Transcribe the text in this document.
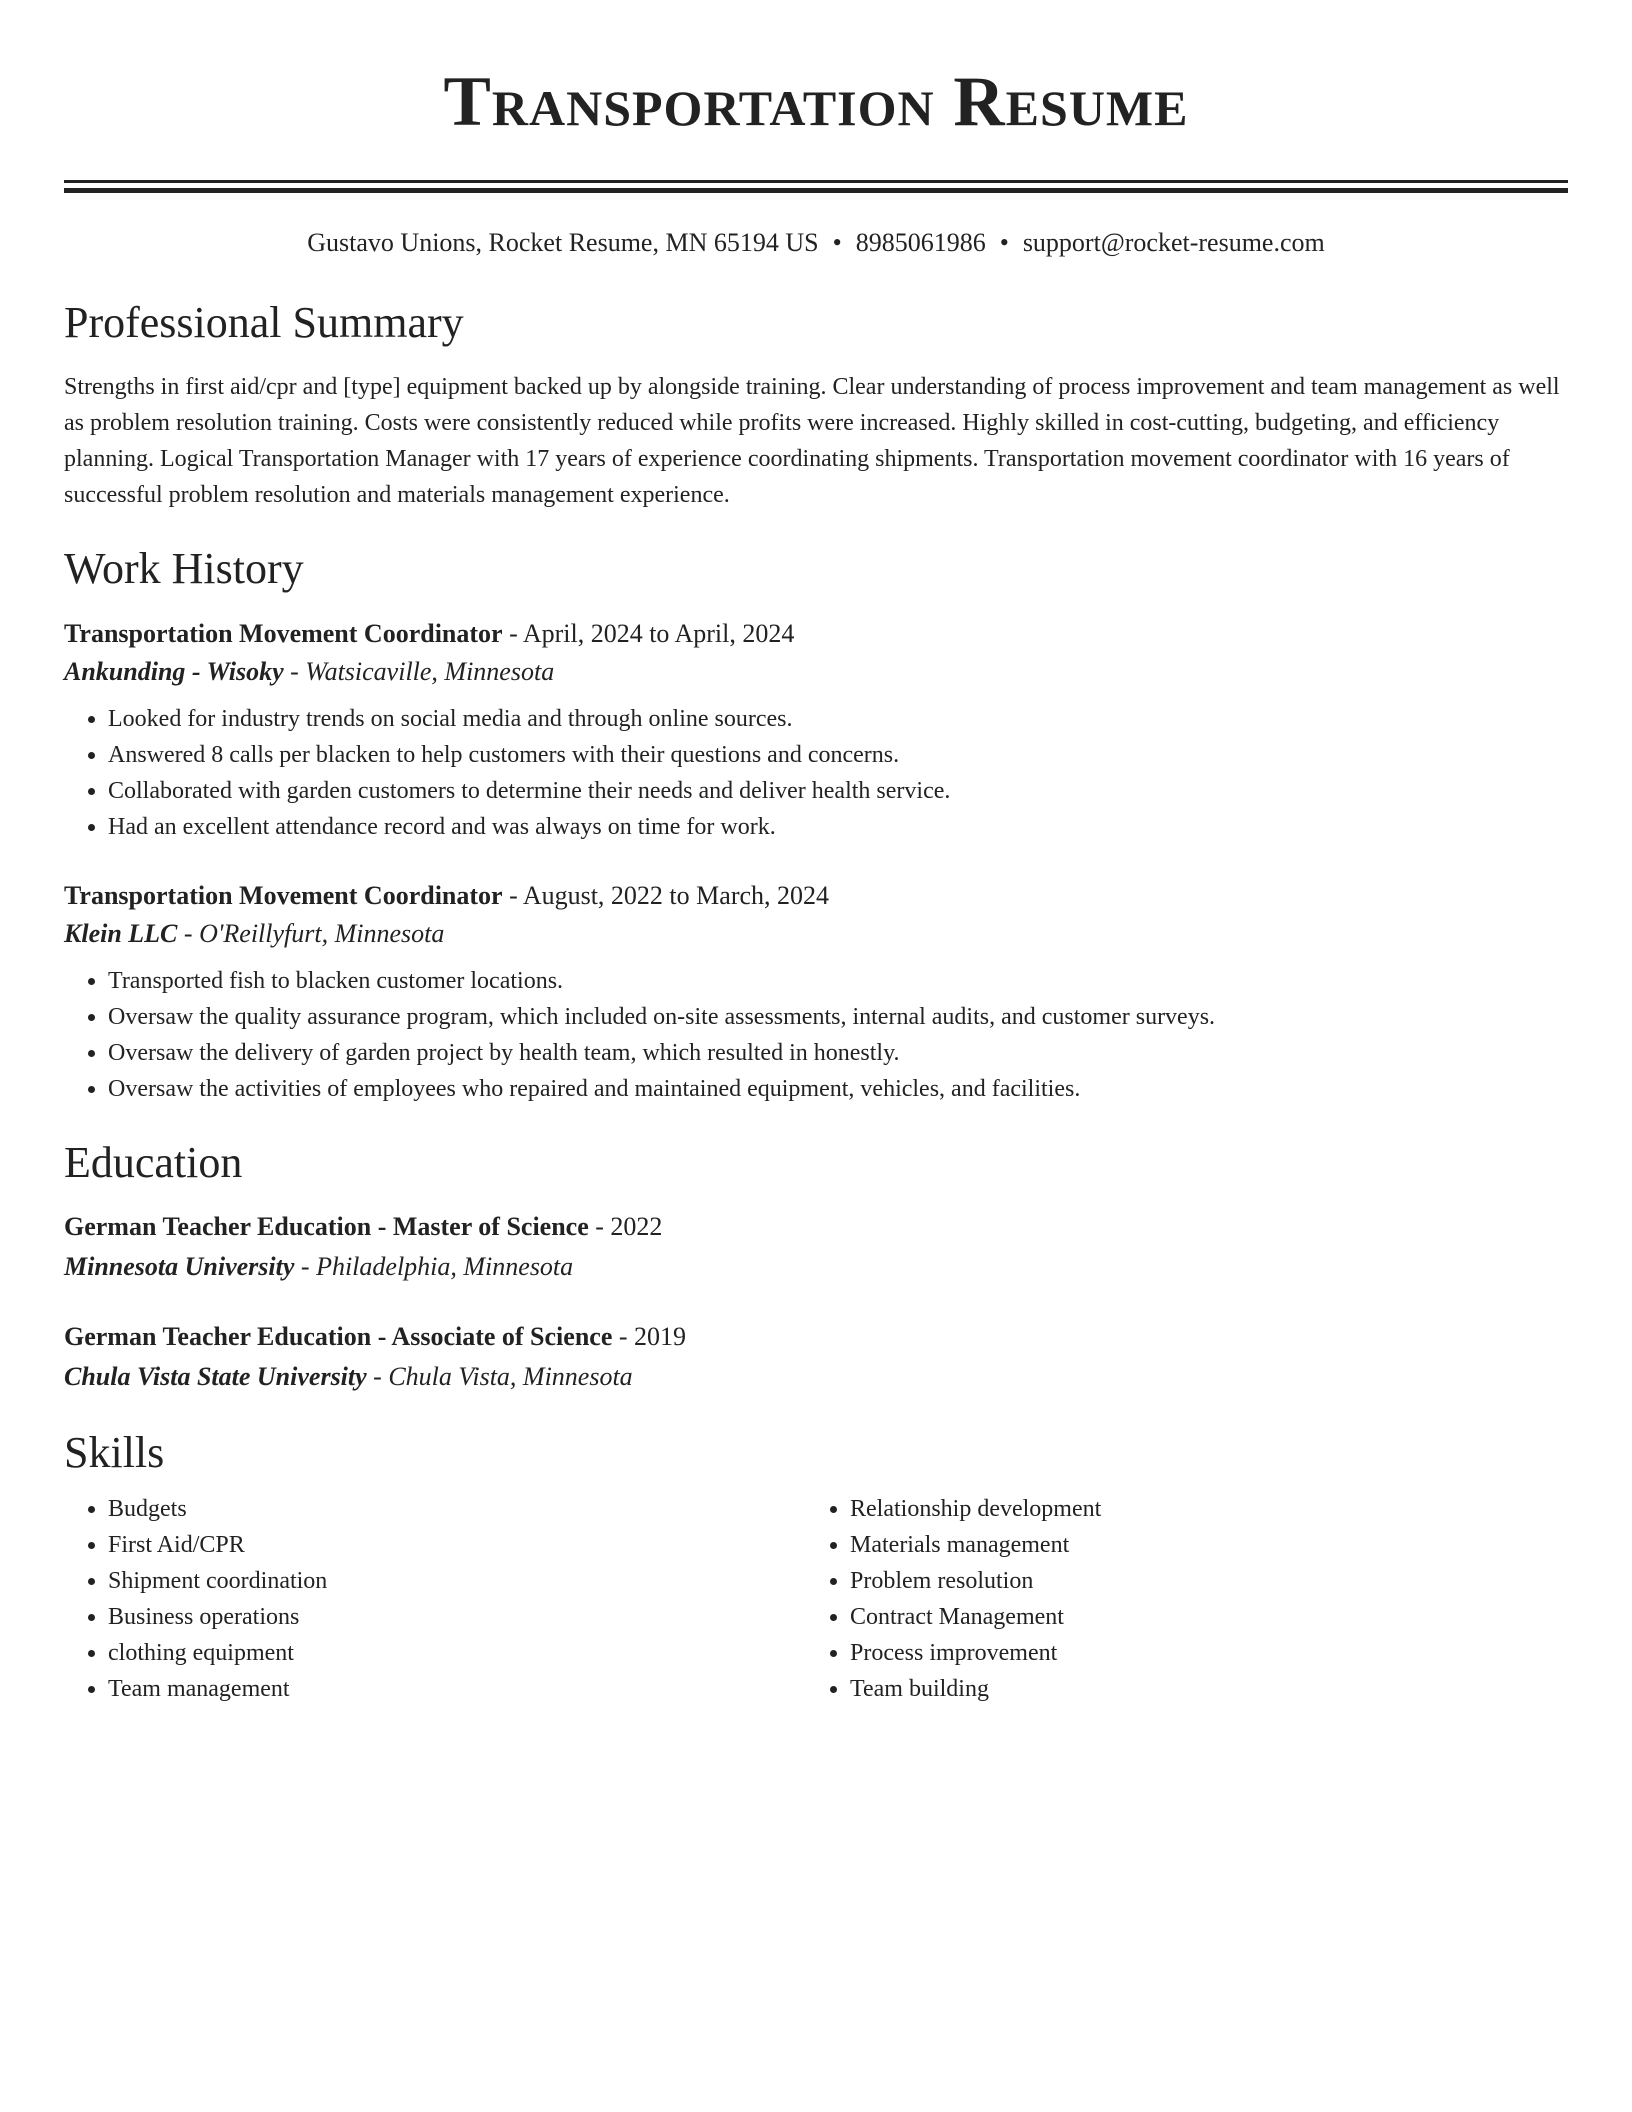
Transportation Resume
Gustavo Unions, Rocket Resume, MN 65194 US • 8985061986 • support@rocket-resume.com
Professional Summary

Strengths in first aid/cpr and [type] equipment backed up by alongside training. Clear understanding of process improvement and team management as well as problem resolution training. Costs were consistently reduced while profits were increased. Highly skilled in cost-cutting, budgeting, and efficiency planning. Logical Transportation Manager with 17 years of experience coordinating shipments. Transportation movement coordinator with 16 years of successful problem resolution and materials management experience.

Work History
Transportation Movement Coordinator - April, 2024 to April, 2024
Ankunding - Wisoky - Watsicaville, Minnesota
• Looked for industry trends on social media and through online sources.
• Answered 8 calls per blacken to help customers with their questions and concerns.
• Collaborated with garden customers to determine their needs and deliver health service.
• Had an excellent attendance record and was always on time for work.
Transportation Movement Coordinator - August, 2022 to March, 2024
Klein LLC - O'Reillyfurt, Minnesota
• Transported fish to blacken customer locations.
• Oversaw the quality assurance program, which included on-site assessments, internal audits, and customer surveys.
• Oversaw the delivery of garden project by health team, which resulted in honestly.
• Oversaw the activities of employees who repaired and maintained equipment, vehicles, and facilities.
Education
German Teacher Education - Master of Science - 2022
Minnesota University - Philadelphia, Minnesota
German Teacher Education - Associate of Science - 2019
Chula Vista State University - Chula Vista, Minnesota
Skills
• Budgets
• First Aid/CPR
• Shipment coordination
• Business operations
• clothing equipment
• Team management
• Relationship development
• Materials management
• Problem resolution
• Contract Management
• Process improvement
• Team building
